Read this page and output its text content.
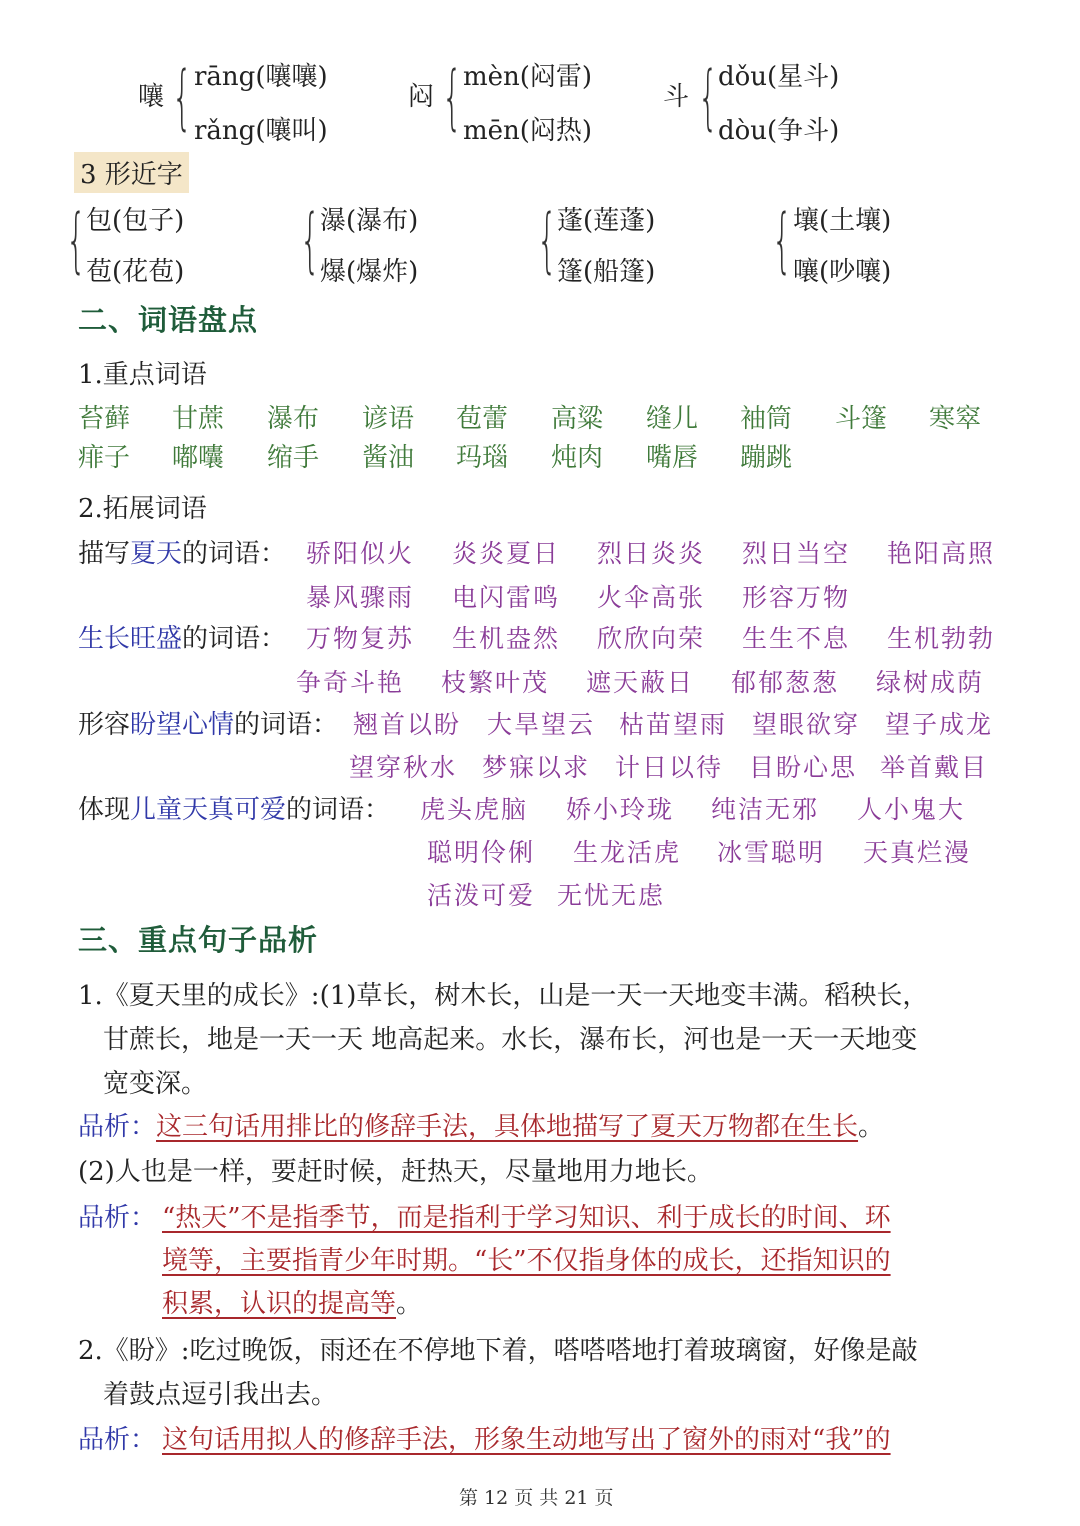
嚷 { rāng(嚷嚷)
rǎng(嚷叫)
闷 { mèn(闷雷)
mēn(闷热)
斗 { dǒu(星斗)
dòu(争斗)
3 形近字
{ 包(包子)
苞(花苞) { 瀑(瀑布)
爆(爆炸) { 蓬(莲蓬)
篷(船篷) { 壤(土壤)
嚷(吵嚷)
二、词语盘点
1.重点词语
苔藓 甘蔗 瀑布 谚语 苞蕾 高粱 缝儿 袖筒 斗篷 寒窣
痱子 嘟囔 缩手 酱油 玛瑙 炖肉 嘴唇 蹦跳
2.拓展词语
描写夏天的词语： 骄阳似火 炎炎夏日 烈日炎炎 烈日当空 艳阳高照
暴风骤雨 电闪雷鸣 火伞高张 形容万物
生长旺盛的词语： 万物复苏 生机盎然 欣欣向荣 生生不息 生机勃勃
争奇斗艳 枝繁叶茂 遮天蔽日 郁郁葱葱 绿树成荫
形容盼望心情的词语： 翘首以盼 大旱望云 枯苗望雨 望眼欲穿 望子成龙
望穿秋水 梦寐以求 计日以待 目盼心思 举首戴目
体现儿童天真可爱的词语： 虎头虎脑 娇小玲珑 纯洁无邪 人小鬼大
聪明伶俐 生龙活虎 冰雪聪明 天真烂漫
活泼可爱 无忧无虑
三、重点句子品析
1.《夏天里的成长》:(1)草长，树木长，山是一天一天地变丰满。稻秧长，
甘蔗长，地是一天一天 地高起来。水长，瀑布长，河也是一天一天地变
宽变深。
品析：这三句话用排比的修辞手法，具体地描写了夏天万物都在生长。
(2)人也是一样，要赶时候，赶热天，尽量地用力地长。
品析： “热天”不是指季节，而是指利于学习知识、利于成长的时间、环
境等，主要指青少年时期。“长”不仅指身体的成长，还指知识的
积累，认识的提高等。
2.《盼》:吃过晚饭，雨还在不停地下着，嗒嗒嗒地打着玻璃窗，好像是敲
着鼓点逗引我出去。
品析： 这句话用拟人的修辞手法，形象生动地写出了窗外的雨对“我”的
第 12 页 共 21 页
